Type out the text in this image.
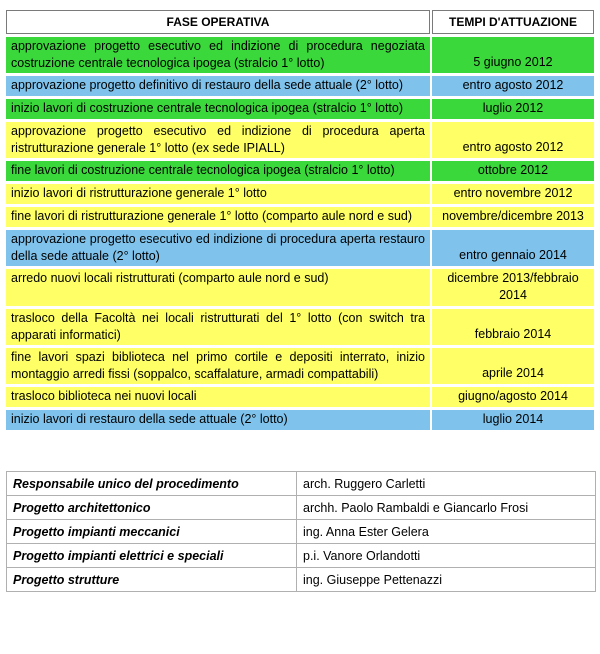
FASE OPERATIVA	TEMPI D'ATTUAZIONE
approvazione progetto esecutivo ed indizione di procedura negoziata costruzione centrale tecnologica ipogea (stralcio 1° lotto)	5 giugno 2012
approvazione progetto definitivo di restauro della sede attuale (2° lotto)	entro agosto 2012
inizio lavori di costruzione centrale tecnologica ipogea (stralcio 1° lotto)	luglio 2012
approvazione progetto esecutivo ed indizione di procedura aperta ristrutturazione generale 1° lotto (ex sede IPIALL)	entro agosto 2012
fine lavori di costruzione centrale tecnologica ipogea (stralcio 1° lotto)	ottobre 2012
inizio lavori di ristrutturazione generale 1° lotto	entro novembre 2012
fine lavori di ristrutturazione generale 1° lotto (comparto aule nord e sud)	novembre/dicembre 2013
approvazione progetto esecutivo ed indizione di procedura aperta restauro della sede attuale (2° lotto)	entro gennaio 2014
arredo nuovi locali ristrutturati (comparto aule nord e sud)	dicembre 2013/febbraio 2014
trasloco della Facoltà nei locali ristrutturati del 1° lotto (con switch tra apparati informatici)	febbraio 2014
fine lavori spazi biblioteca nel primo cortile e depositi interrato, inizio montaggio arredi fissi (soppalco, scaffalature, armadi compattabili)	aprile 2014
trasloco biblioteca nei nuovi locali	giugno/agosto 2014
inizio lavori di restauro della sede attuale (2° lotto)	luglio 2014
Responsabile unico del procedimento	arch. Ruggero Carletti
Progetto architettonico	archh. Paolo Rambaldi e Giancarlo Frosi
Progetto impianti meccanici	ing. Anna Ester Gelera
Progetto impianti elettrici e speciali	p.i. Vanore Orlandotti
Progetto strutture	ing. Giuseppe Pettenazzi
